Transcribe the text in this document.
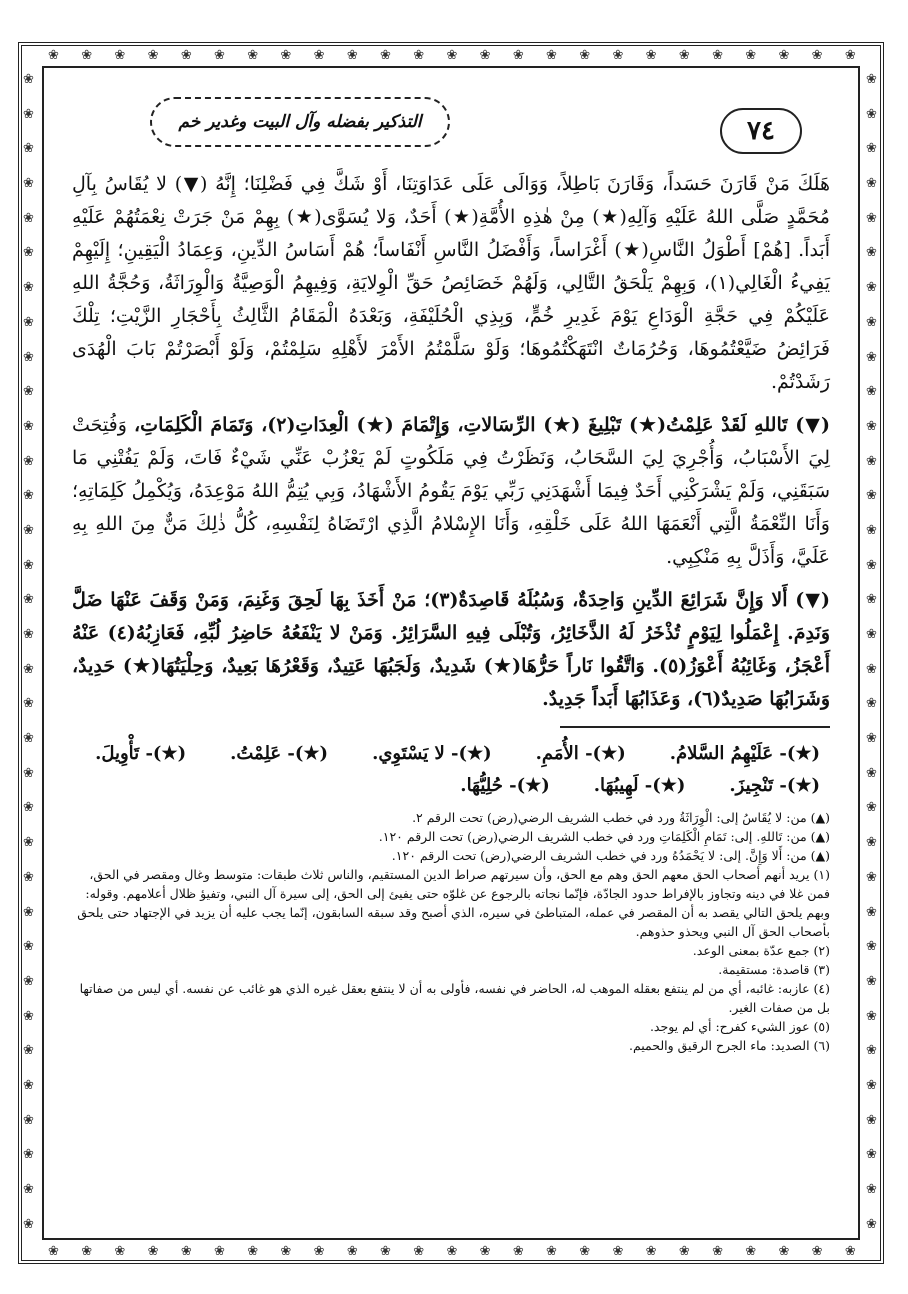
❀ ❀ ❀ ❀ ❀ ❀ ❀ ❀ ❀ ❀ ❀ ❀ ❀ ❀ ❀ ❀ ❀ ❀ ❀ ❀ ❀ ❀ ❀ ❀ ❀
❀ ❀ ❀ ❀ ❀ ❀ ❀ ❀ ❀ ❀ ❀ ❀ ❀ ❀ ❀ ❀ ❀ ❀ ❀ ❀ ❀ ❀ ❀ ❀ ❀
❀
❀
❀
❀
❀
❀
❀
❀
❀
❀
❀
❀
❀
❀
❀
❀
❀
❀
❀
❀
❀
❀
❀
❀
❀
❀
❀
❀
❀
❀
❀
❀
❀
❀
❀
❀
❀
❀
❀
❀
❀
❀
❀
❀
❀
❀
❀
❀
❀
❀
❀
❀
❀
❀
❀
❀
❀
❀
❀
❀
❀
❀
❀
❀
❀
❀
❀
❀
التذكير بفضله وآل البيت وغدير خم	٧٤

هَلَكَ مَنْ قَارَنَ حَسَداً، وَقَارَنَ بَاطِلاً، وَوَالَى عَلَى عَدَاوَتِنَا، أَوْ شَكَّ فِي فَضْلِنَا؛ إِنَّهُ (▼) لا يُقَاسُ بِآلِ مُحَمَّدٍ صَلَّى اللهُ عَلَيْهِ وَآلِهِ(★) مِنْ هٰذِهِ الأُمَّةِ(★) أَحَدٌ، وَلا يُسَوَّى(★) بِهِمْ مَنْ جَرَتْ نِعْمَتُهُمْ عَلَيْهِ أَبَداً. [هُمْ] أَطْوَلُ النَّاسِ(★) أَغْرَاساً، وَأَفْضَلُ النَّاسِ أَنْفَاساً؛ هُمْ أَسَاسُ الدِّينِ، وَعِمَادُ الْيَقِينِ؛ إِلَيْهِمْ يَفِيءُ الْغَالِي(١)، وَبِهِمْ يَلْحَقُ التَّالِي، وَلَهُمْ خَصَائِصُ حَقِّ الْوِلايَةِ، وَفِيهِمُ الْوَصِيَّةُ وَالْوِرَاثَةُ، وَحُجَّةُ اللهِ عَلَيْكُمْ فِي حَجَّةِ الْوَدَاعِ يَوْمَ غَدِيرِ خُمٍّ، وَبِذِي الْحُلَيْفَةِ، وَبَعْدَهُ الْمَقَامُ الثَّالِثُ بِأَحْجَارِ الزَّيْتِ؛ تِلْكَ فَرَائِضُ ضَيَّعْتُمُوهَا، وَحُرُمَاتٌ انْتَهَكْتُمُوهَا؛ وَلَوْ سَلَّمْتُمُ الأَمْرَ لأَهْلِهِ سَلِمْتُمْ، وَلَوْ أَبْصَرْتُمْ بَابَ الْهُدَى رَشَدْتُمْ.

(▼) تَاللهِ لَقَدْ عَلِمْتُ(★) تَبْلِيغَ (★) الرِّسَالاتِ، وَإِتْمَامَ (★) الْعِدَاتِ(٢)، وَتَمَامَ الْكَلِمَاتِ، وَفُتِحَتْ لِيَ الأَسْبَابُ، وَأُجْرِيَ لِيَ السَّحَابُ، وَنَظَرْتُ فِي مَلَكُوتٍ لَمْ يَعْزُبْ عَنِّي شَيْءٌ فَاتَ، وَلَمْ يَفُتْنِي مَا سَبَقَنِي، وَلَمْ يَشْرَكْنِي أَحَدٌ فِيمَا أَشْهَدَنِي رَبِّي يَوْمَ يَقُومُ الأَشْهَادُ، وَبِي يُتِمُّ اللهُ مَوْعِدَهُ، وَيُكْمِلُ كَلِمَاتِهِ؛ وَأَنَا النِّعْمَةُ الَّتِي أَنْعَمَهَا اللهُ عَلَى خَلْقِهِ، وَأَنَا الإِسْلامُ الَّذِي ارْتَضَاهُ لِنَفْسِهِ، كُلُّ ذٰلِكَ مَنٌّ مِنَ اللهِ بِهِ عَلَيَّ، وَأَذَلَّ بِهِ مَنْكِبِي.

(▼) أَلا وَإِنَّ شَرَائِعَ الدِّينِ وَاحِدَةٌ، وَسُبُلَهُ قَاصِدَةٌ(٣)؛ مَنْ أَخَذَ بِهَا لَحِقَ وَغَنِمَ، وَمَنْ وَقَفَ عَنْهَا ضَلَّ وَنَدِمَ. إِعْمَلُوا لِيَوْمٍ تُذْخَرُ لَهُ الذَّخَائِرُ، وَتُبْلَى فِيهِ السَّرَائِرُ. وَمَنْ لا يَنْفَعُهُ حَاضِرُ لُبِّهِ، فَعَازِبُهُ(٤) عَنْهُ أَعْجَزُ، وَغَائِبُهُ أَعْوَزُ(٥). وَاتَّقُوا نَاراً حَرُّهَا(★) شَدِيدٌ، وَلَجَبُهَا عَتِيدٌ، وَقَعْرُهَا بَعِيدٌ، وَحِلْيَتُهَا(★) حَدِيدٌ، وَشَرَابُهَا صَدِيدٌ(٦)، وَعَذَابُهَا أَبَداً جَدِيدٌ.

(★)- عَلَيْهِمُ السَّلامُ.
(★)- الأُمَمِ.
(★)- لا يَسْتَوِي.
(★)- عَلِمْتُ.
(★)- تَأْوِيلَ.
(★)- تَنْجِيزَ.
(★)- لَهِيبُهَا.
(★)- حُلِيُّهَا.

(▲) من: لا يُقَاسُ إلى: الْوِرَاثَةُ ورد في خطب الشريف الرضي(رض) تحت الرقم ٢.

(▲) من: تَاللهِ. إلى: تَمَامِ الْكَلِمَاتِ ورد في خطب الشريف الرضي(رض) تحت الرقم ١٢٠.

(▲) من: أَلا وَإِنَّ. إلى: لا يَحْمَدُهُ ورد في خطب الشريف الرضي(رض) تحت الرقم ١٢٠.

(١) يريد أنهم أصحاب الحق معهم الحق وهم مع الحق، وأن سيرتهم صراط الدين المستقيم، والناس ثلاث طبقات: متوسط وغال ومقصر في الحق، فمن غلا في دينه وتجاوز بالإفراط حدود الجادّة، فإنّما نجاته بالرجوع عن غلوّه حتى يفيئ إلى الحق، إلى سيرة آل النبي، وتفيؤ ظلال أعلامهم. وقوله: وبهم يلحق التالي يقصد به أن المقصر في عمله، المتباطئ في سيره، الذي أصبح وقد سبقه السابقون، إنّما يجب عليه أن يزيد في الإجتهاد حتى يلحق بأصحاب الحق آل النبي ويحذو حذوهم.

(٢) جمع عدّة بمعنى الوعد.

(٣) قاصدة: مستقيمة.

(٤) عازبه: غائبه، أي من لم ينتفع بعقله الموهب له، الحاضر في نفسه، فأولى به أن لا ينتفع بعقل غيره الذي هو غائب عن نفسه. أي ليس من صفاتها بل من صفات الغير.

(٥) عوز الشيء كفرح: أي لم يوجد.

(٦) الصديد: ماء الجرح الرقيق والحميم.
